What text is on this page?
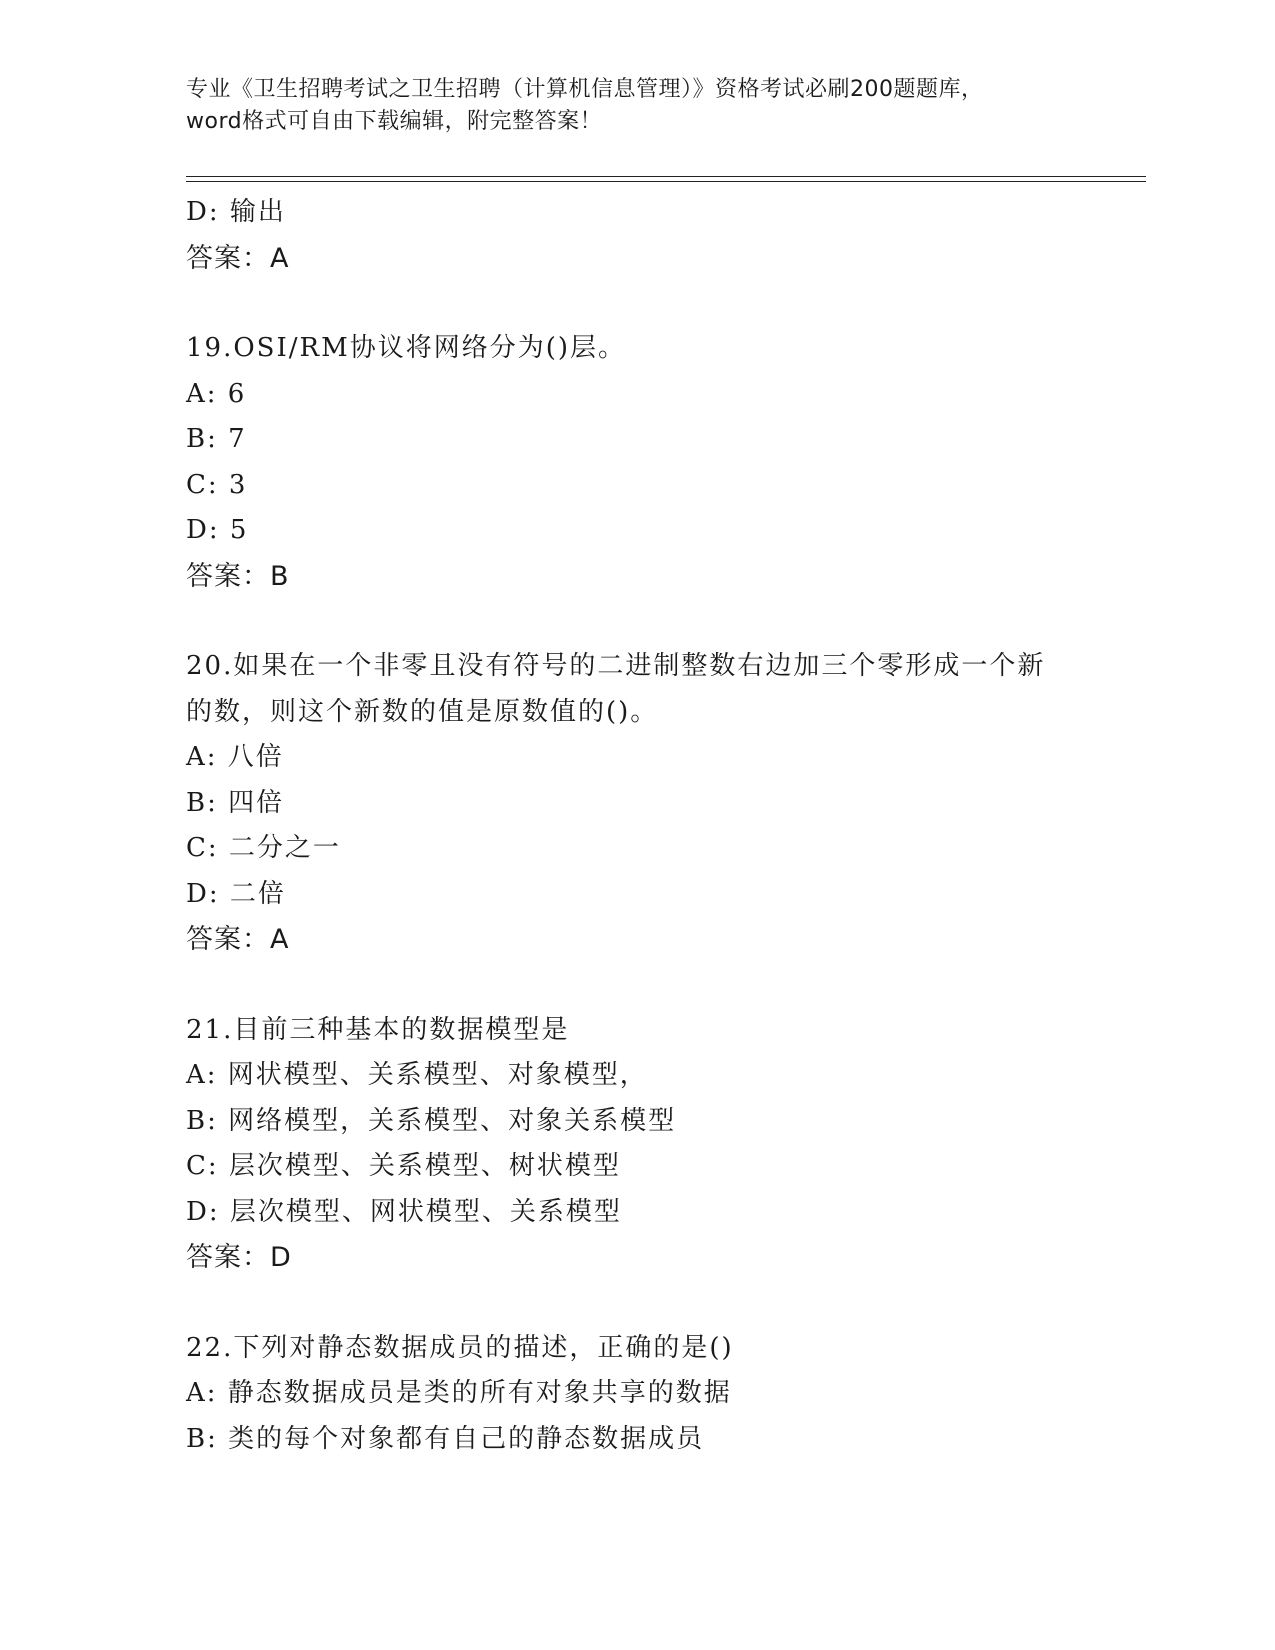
专业《卫生招聘考试之卫生招聘（计算机信息管理）》资格考试必刷200题题库，
word格式可自由下载编辑，附完整答案！
D: 输出
答案：A
19.OSI/RM协议将网络分为()层。
A: 6
B: 7
C: 3
D: 5
答案：B
20.如果在一个非零且没有符号的二进制整数右边加三个零形成一个新
的数，则这个新数的值是原数值的()。
A: 八倍
B: 四倍
C: 二分之一
D: 二倍
答案：A
21.目前三种基本的数据模型是
A: 网状模型、关系模型、对象模型，
B: 网络模型，关系模型、对象关系模型
C: 层次模型、关系模型、树状模型
D: 层次模型、网状模型、关系模型
答案：D
22.下列对静态数据成员的描述，正确的是()
A: 静态数据成员是类的所有对象共享的数据
B: 类的每个对象都有自己的静态数据成员
